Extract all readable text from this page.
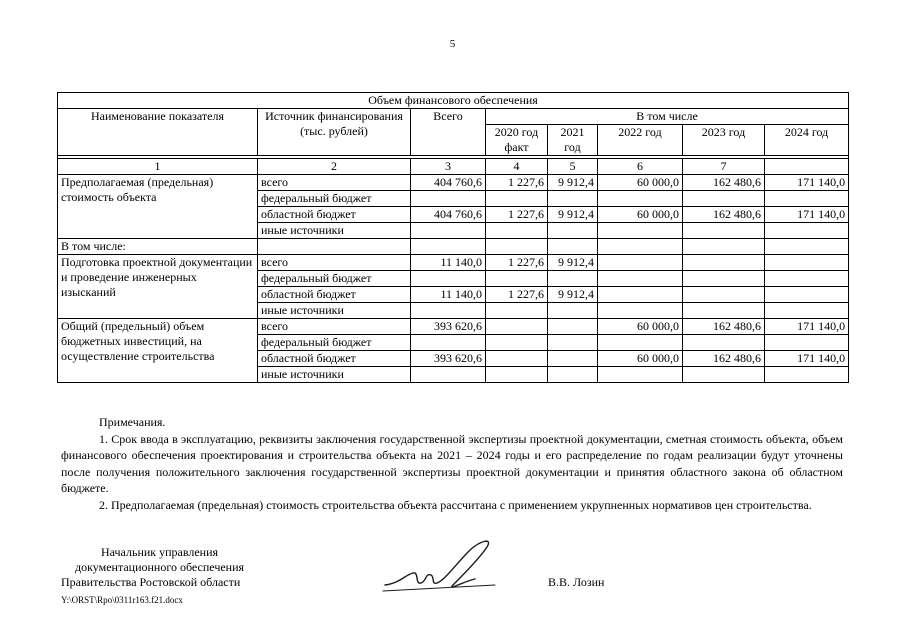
5
Объем финансового обеспечения							
Наименование показателя	Источник финансирования (тыс. рублей)	Всего	В том числе				
			2020 год факт	2021 год	2022 год	2023 год	2024 год

1	2	3	4	5	6	7	
Предполагаемая (предельная) стоимость объекта	всего	404 760,6	1 227,6	9 912,4	60 000,0	162 480,6	171 140,0
	федеральный бюджет						
	областной бюджет	404 760,6	1 227,6	9 912,4	60 000,0	162 480,6	171 140,0
	иные источники						
В том числе:							
Подготовка проектной документации и проведение инженерных изысканий	всего	11 140,0	1 227,6	9 912,4			
	федеральный бюджет						
	областной бюджет	11 140,0	1 227,6	9 912,4			
	иные источники						
Общий (предельный) объем бюджетных инвестиций, на осуществление строительства	всего	393 620,6			60 000,0	162 480,6	171 140,0
	федеральный бюджет						
	областной бюджет	393 620,6			60 000,0	162 480,6	171 140,0
	иные источники						

Примечания.

1. Срок ввода в эксплуатацию, реквизиты заключения государственной экспертизы проектной документации, сметная стоимость объекта, объем финансового обеспечения проектирования и строительства объекта на 2021 – 2024 годы и его распределение по годам реализации будут уточнены после получения положительного заключения государственной экспертизы проектной документации и принятия областного закона об областном бюджете.

2. Предполагаемая (предельная) стоимость строительства объекта рассчитана с применением укрупненных нормативов цен строительства.

Начальник управления
документационного обеспечения
Правительства Ростовской области	В.В. Лозин
Y:\ORST\Rpo\0311r163.f21.docx
